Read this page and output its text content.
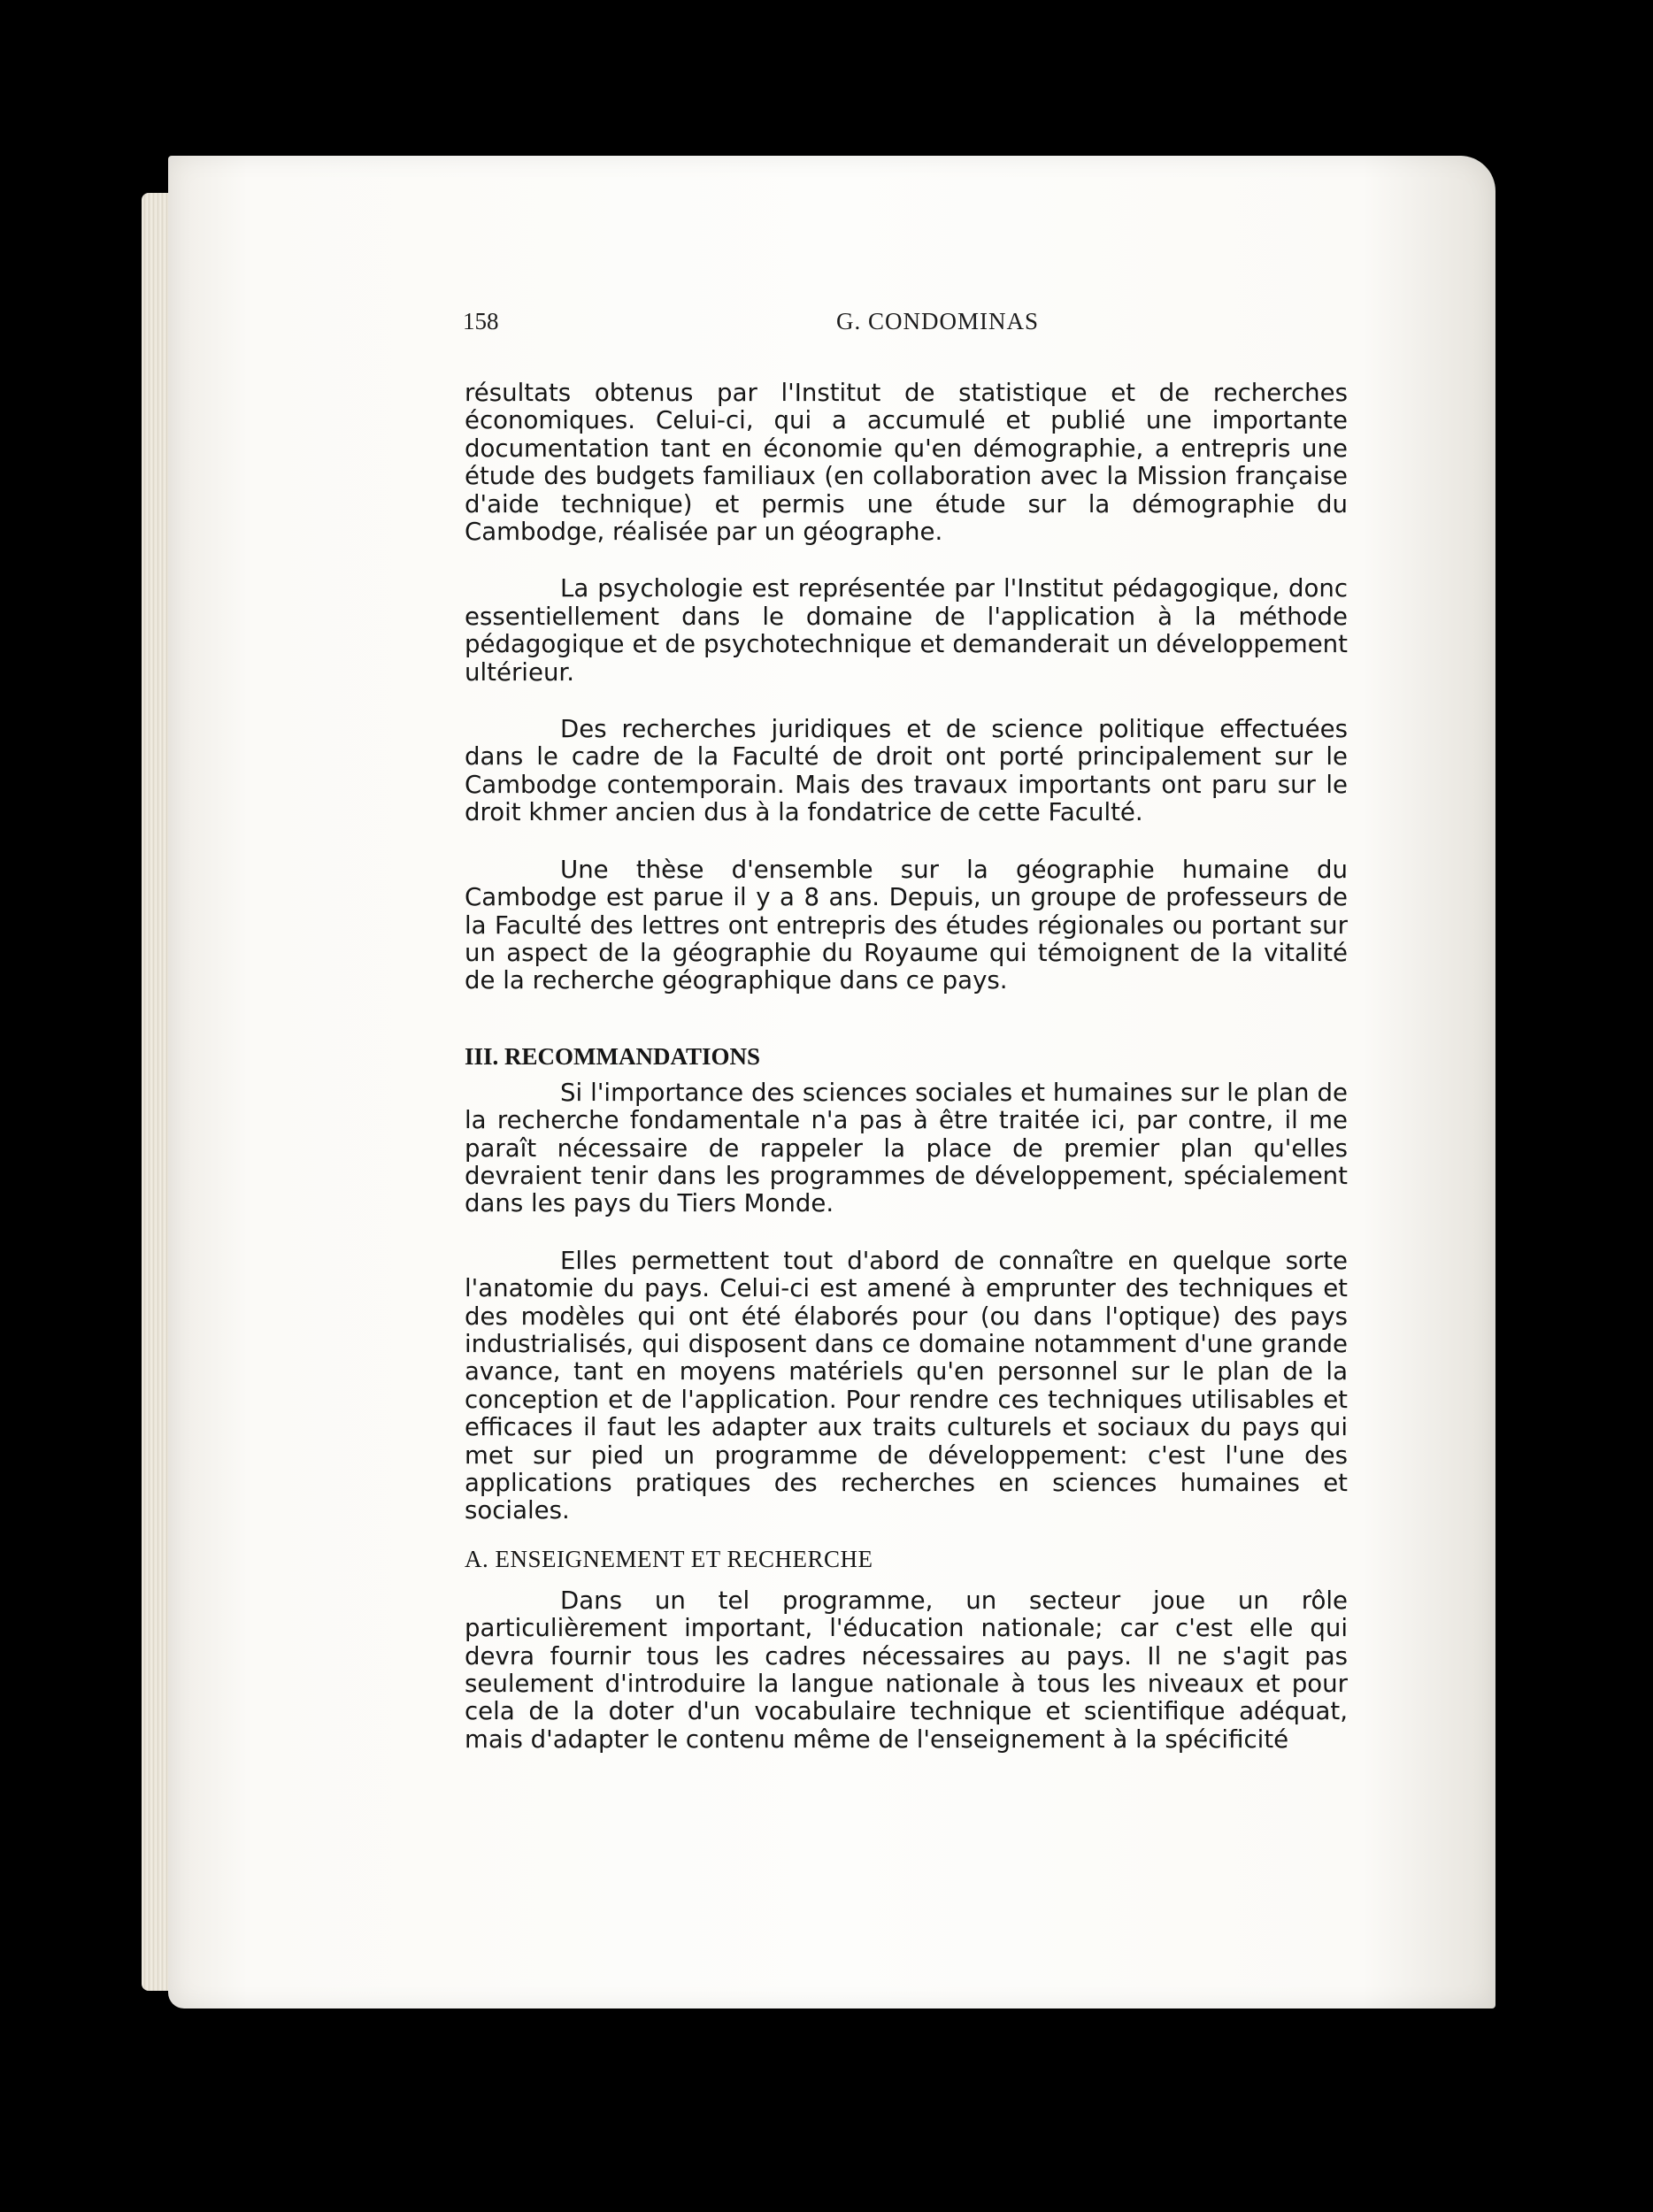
158	G. CONDOMINAS

résultats obtenus par l'Institut de statistique et de recherches économiques. Celui-ci, qui a accumulé et publié une importante documentation tant en économie qu'en démographie, a entrepris une étude des budgets familiaux (en collaboration avec la Mission française d'aide technique) et permis une étude sur la démographie du Cambodge, réalisée par un géographe.

La psychologie est représentée par l'Institut pédagogique, donc essentiellement dans le domaine de l'application à la méthode pédagogique et de psychotechnique et demanderait un développement ultérieur.

Des recherches juridiques et de science politique effectuées dans le cadre de la Faculté de droit ont porté principalement sur le Cambodge contemporain. Mais des travaux importants ont paru sur le droit khmer ancien dus à la fondatrice de cette Faculté.

Une thèse d'ensemble sur la géographie humaine du Cambodge est parue il y a 8 ans. Depuis, un groupe de professeurs de la Faculté des lettres ont entrepris des études régionales ou portant sur un aspect de la géographie du Royaume qui témoignent de la vitalité de la recherche géographique dans ce pays.

III. RECOMMANDATIONS

Si l'importance des sciences sociales et humaines sur le plan de la recherche fondamentale n'a pas à être traitée ici, par contre, il me paraît nécessaire de rappeler la place de premier plan qu'elles devraient tenir dans les programmes de développement, spécialement dans les pays du Tiers Monde.

Elles permettent tout d'abord de connaître en quelque sorte l'anatomie du pays. Celui-ci est amené à emprunter des techniques et des modèles qui ont été élaborés pour (ou dans l'optique) des pays industrialisés, qui disposent dans ce domaine notamment d'une grande avance, tant en moyens matériels qu'en personnel sur le plan de la conception et de l'application. Pour rendre ces techniques utilisables et efficaces il faut les adapter aux traits culturels et sociaux du pays qui met sur pied un programme de développement: c'est l'une des applications pratiques des recherches en sciences humaines et sociales.

A. ENSEIGNEMENT ET RECHERCHE

Dans un tel programme, un secteur joue un rôle particulièrement important, l'éducation nationale; car c'est elle qui devra fournir tous les cadres nécessaires au pays. Il ne s'agit pas seulement d'introduire la langue nationale à tous les niveaux et pour cela de la doter d'un vocabulaire technique et scientifique adéquat, mais d'adapter le contenu même de l'enseignement à la spécificité
